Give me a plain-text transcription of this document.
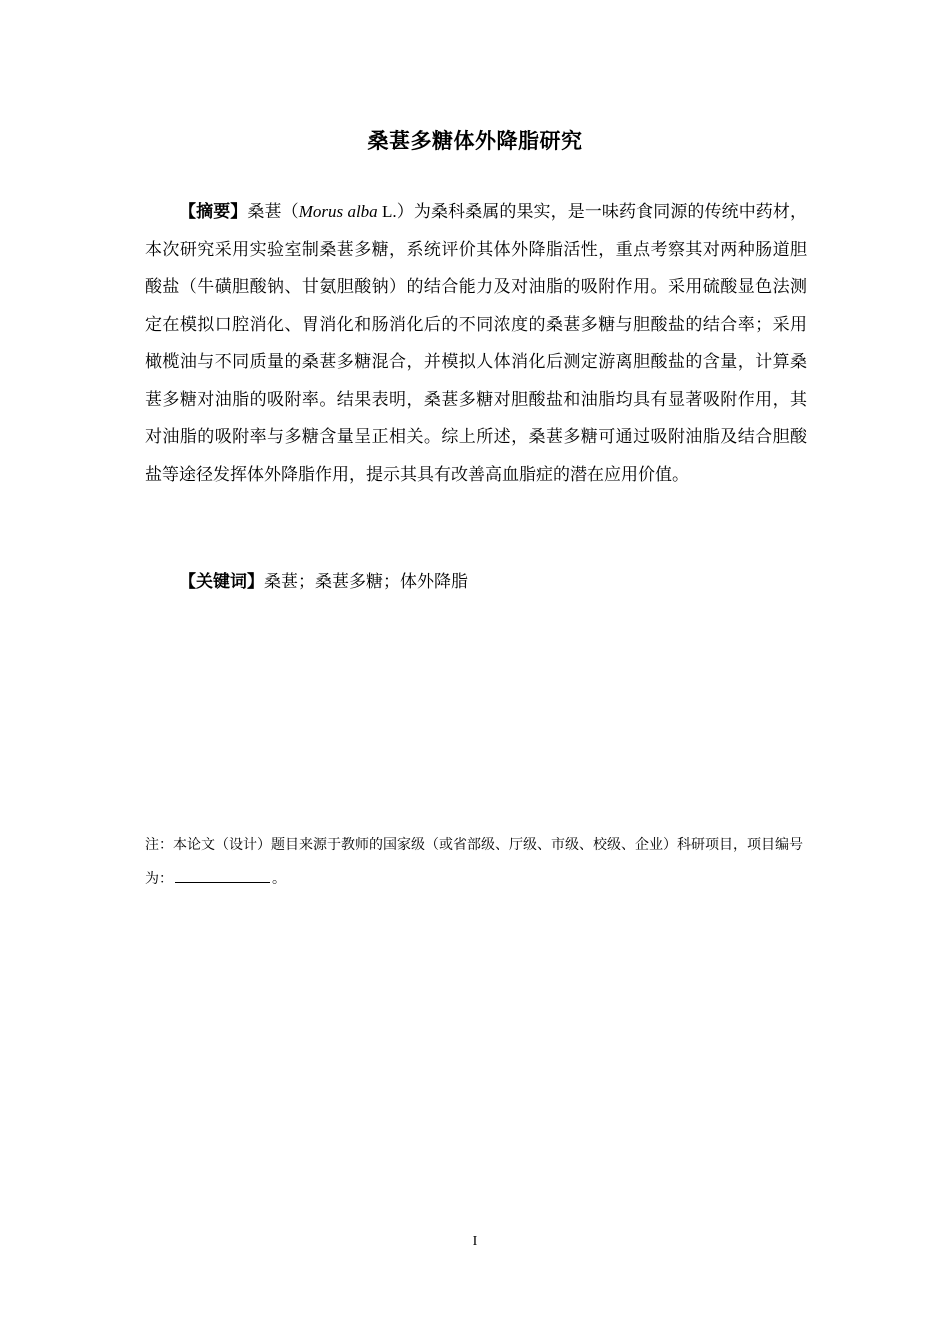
桑葚多糖体外降脂研究

【摘要】桑葚（Morus alba L.）为桑科桑属的果实，是一味药食同源的传统中药材，本次研究采用实验室制桑葚多糖，系统评价其体外降脂活性，重点考察其对两种肠道胆酸盐（牛磺胆酸钠、甘氨胆酸钠）的结合能力及对油脂的吸附作用。采用硫酸显色法测定在模拟口腔消化、胃消化和肠消化后的不同浓度的桑葚多糖与胆酸盐的结合率；采用橄榄油与不同质量的桑葚多糖混合，并模拟人体消化后测定游离胆酸盐的含量，计算桑葚多糖对油脂的吸附率。结果表明，桑葚多糖对胆酸盐和油脂均具有显著吸附作用，其对油脂的吸附率与多糖含量呈正相关。综上所述，桑葚多糖可通过吸附油脂及结合胆酸盐等途径发挥体外降脂作用，提示其具有改善高血脂症的潜在应用价值。

【关键词】桑葚；桑葚多糖；体外降脂

注：本论文（设计）题目来源于教师的国家级（或省部级、厅级、市级、校级、企业）科研项目，项目编号为：	。

I
